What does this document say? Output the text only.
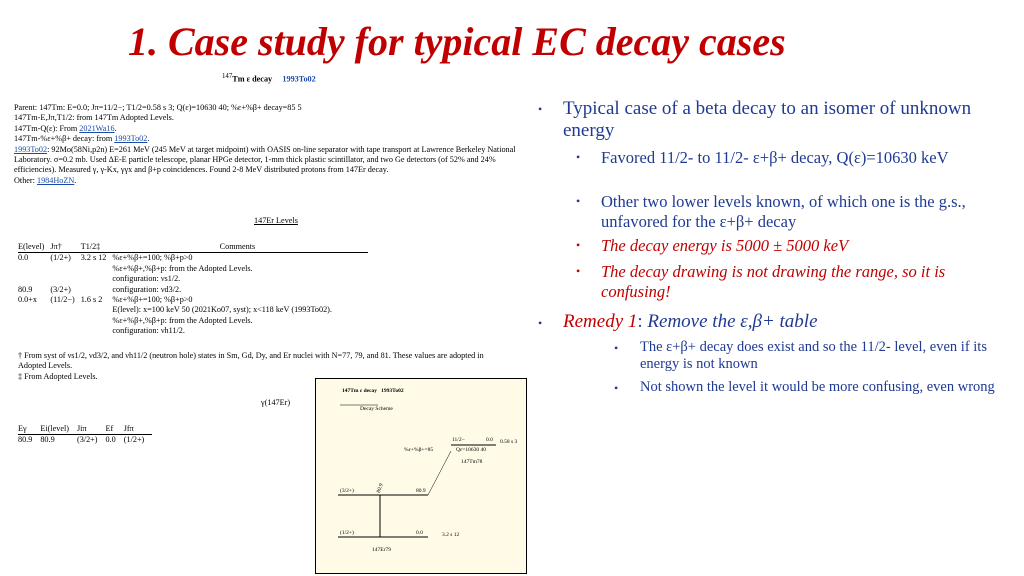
1. Case study for typical EC decay cases
$^{147}$Tm ε decay 1993To02
Parent: 147Tm: E=0.0; Jπ=11/2−; T1/2=0.58 s 3; Q(ε)=10630 40; %ε+%β+ decay=85 5
147Tm-E,Jπ,T1/2: from 147Tm Adopted Levels.
147Tm-Q(ε): From 2021Wa16.
147Tm-%ε+%β+ decay: from 1993To02.
1993To02: 92Mo(58Ni,p2n) E=261 MeV (245 MeV at target midpoint) with OASIS on-line separator with tape transport at Lawrence Berkeley National Laboratory. σ=0.2 mb. Used ΔE-E particle telescope, planar HPGe detector, 1-mm thick plastic scintillator, and two Ge detectors (of 52% and 24% efficiencies). Measured γ, γ-Kx, γγx and β+p coincidences. Found 2-8 MeV distributed protons from 147Er decay.
Other: 1984HoZN.
147Er Levels
E(level)	Jπ†	T1/2‡	Comments
0.0	(1/2+)	3.2 s 12	%ε+%β+=100; %β+p>0
			%ε+%β+,%β+p: from the Adopted Levels.
			configuration: νs1/2.
80.9	(3/2+)		configuration: νd3/2.
0.0+x	(11/2−)	1.6 s 2	%ε+%β+=100; %β+p>0
			E(level): x=100 keV 50 (2021Ko07, syst); x<118 keV (1993To02).
			%ε+%β+,%β+p: from the Adopted Levels.
			configuration: νh11/2.
† From syst of νs1/2, νd3/2, and νh11/2 (neutron hole) states in Sm, Gd, Dy, and Er nuclei with N=77, 79, and 81. These values are adopted in Adopted Levels.
‡ From Adopted Levels.
γ(147Er)
Eγ	Ei(level)	Jiπ	Ef	Jfπ
80.9	80.9	(3/2+)	0.0	(1/2+)
147Tm ε decay 1993To02
Decay Scheme
11/2−	0.0 0.58 s 3
Qε=10630 40
%ε+%β+=85
147Tm78
(3/2+)	80.9
80.9
(1/2+)	0.0	3.2 s 12
147Er79
• Typical case of a beta decay to an isomer of unknown energy
• Favored 11/2- to 11/2- ε+β+ decay, Q(ε)=10630 keV
• Other two lower levels known, of which one is the g.s., unfavored for the ε+β+ decay
• The decay energy is 5000 ± 5000 keV
• The decay drawing is not drawing the range, so it is confusing!
• Remedy 1: Remove the ε,β+ table
• The ε+β+ decay does exist and so the 11/2- level, even if its energy is not known
• Not shown the level it would be more confusing, even wrong
